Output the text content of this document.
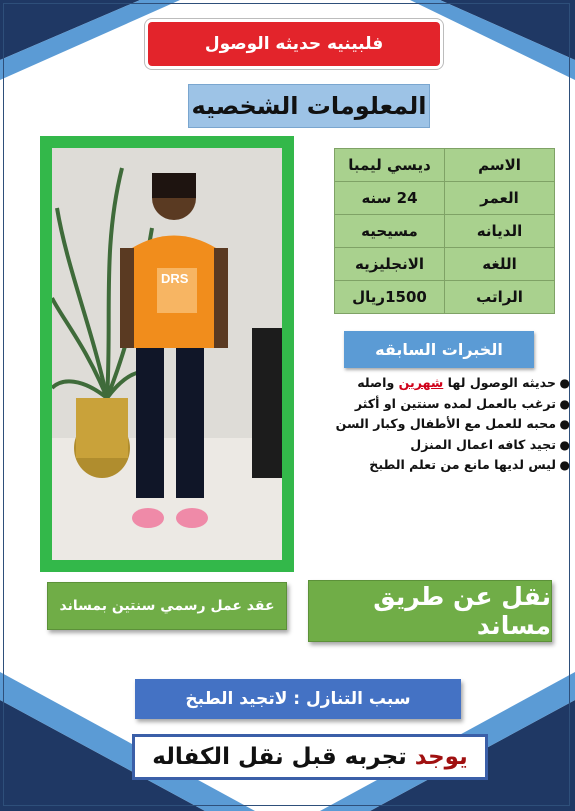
فلبينيه حديثه الوصول
المعلومات الشخصيه
DRS
الاسم	ديسي ليمبا
العمر	24 سنه
الديانه	مسيحيه
اللغه	الانجليزيه
الراتب	1500ريال
الخبرات السابقه
●
حديثه الوصول لها شهرين واصله
●
ترغب بالعمل لمده سنتين او أكثر
●
محبه للعمل مع الأطفال وكبار السن
●
تجيد كافه اعمال المنزل
●
ليس لديها مانع من تعلم الطبخ
عقد عمل رسمي سنتين بمساند	نقل عن طريق مساند
سبب التنازل : لاتجيد الطبخ
يوجد
تجربه قبل نقل الكفاله
